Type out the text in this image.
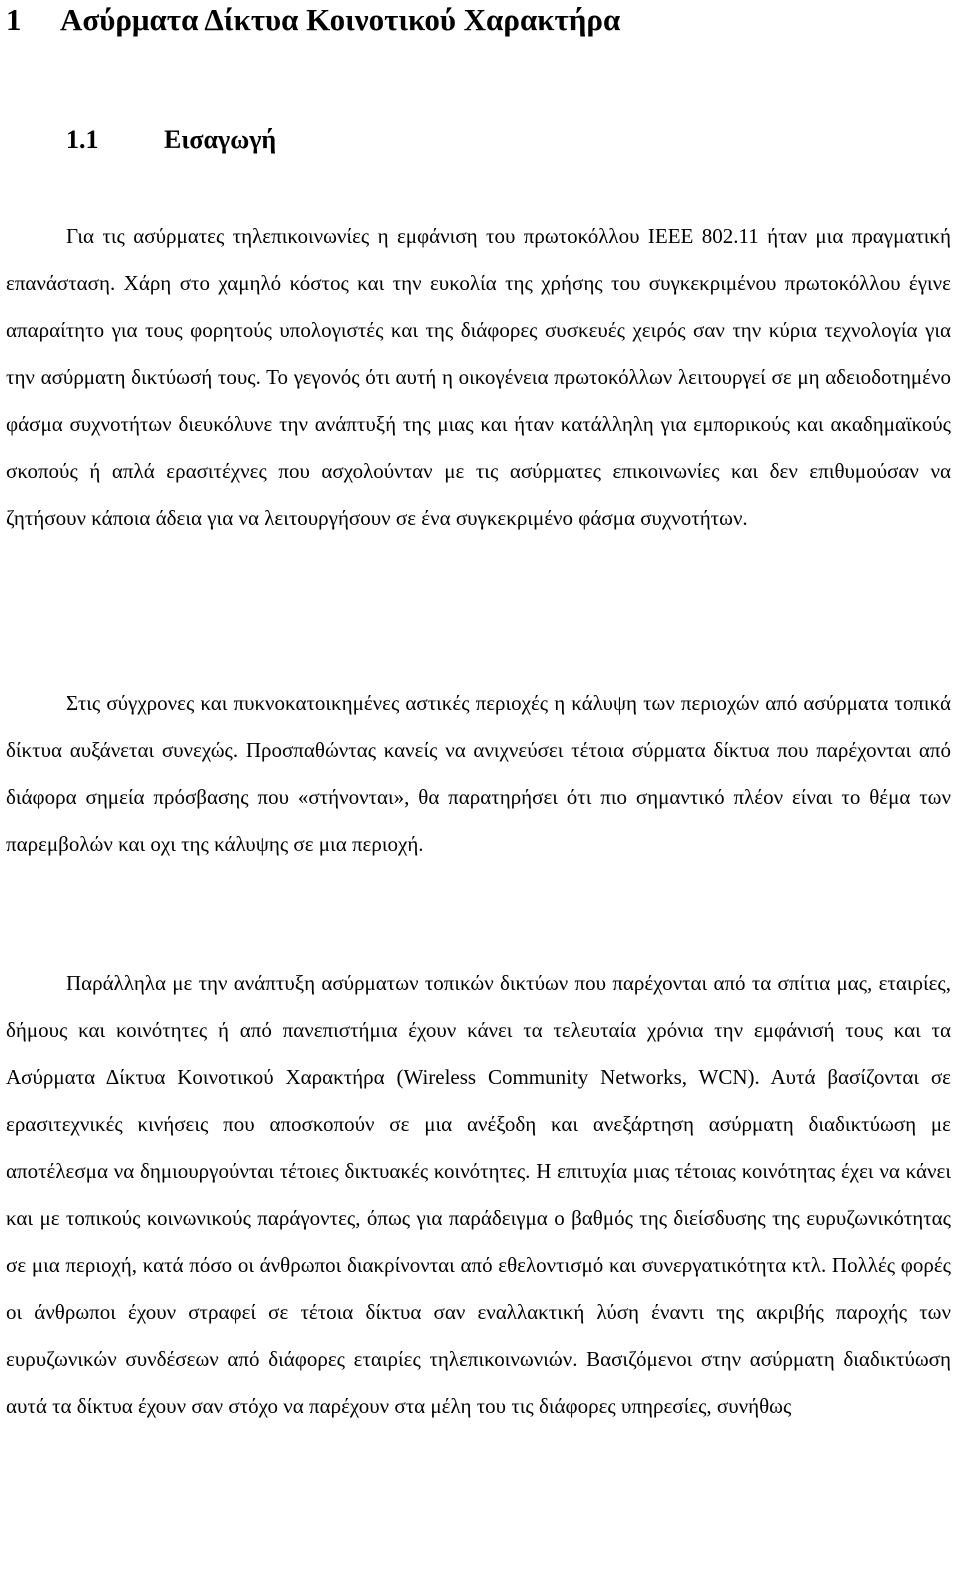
1 Ασύρματα Δίκτυα Κοινοτικού Χαρακτήρα
1.1	Εισαγωγή

Για τις ασύρματες τηλεπικοινωνίες η εμφάνιση του πρωτοκόλλου IEEE 802.11 ήταν μια πραγματική επανάσταση. Χάρη στο χαμηλό κόστος και την ευκολία της χρήσης του συγκεκριμένου πρωτοκόλλου έγινε απαραίτητο για τους φορητούς υπολογιστές και της διάφορες συσκευές χειρός σαν την κύρια τεχνολογία για την ασύρματη δικτύωσή τους. Το γεγονός ότι αυτή η οικογένεια πρωτοκόλλων λειτουργεί σε μη αδειοδοτημένο φάσμα συχνοτήτων διευκόλυνε την ανάπτυξή της μιας και ήταν κατάλληλη για εμπορικούς και ακαδημαϊκούς σκοπούς ή απλά ερασιτέχνες που ασχολούνταν με τις ασύρματες επικοινωνίες και δεν επιθυμούσαν να ζητήσουν κάποια άδεια για να λειτουργήσουν σε ένα συγκεκριμένο φάσμα συχνοτήτων.

Στις σύγχρονες και πυκνοκατοικημένες αστικές περιοχές η κάλυψη των περιοχών από ασύρματα τοπικά δίκτυα αυξάνεται συνεχώς. Προσπαθώντας κανείς να ανιχνεύσει τέτοια σύρματα δίκτυα που παρέχονται από διάφορα σημεία πρόσβασης που «στήνονται», θα παρατηρήσει ότι πιο σημαντικό πλέον είναι το θέμα των παρεμβολών και οχι της κάλυψης σε μια περιοχή.

Παράλληλα με την ανάπτυξη ασύρματων τοπικών δικτύων που παρέχονται από τα σπίτια μας, εταιρίες, δήμους και κοινότητες ή από πανεπιστήμια έχουν κάνει τα τελευταία χρόνια την εμφάνισή τους και τα Ασύρματα Δίκτυα Κοινοτικού Χαρακτήρα (Wireless Community Networks, WCN). Αυτά βασίζονται σε ερασιτεχνικές κινήσεις που αποσκοπούν σε μια ανέξοδη και ανεξάρτηση ασύρματη διαδικτύωση με αποτέλεσμα να δημιουργούνται τέτοιες δικτυακές κοινότητες. Η επιτυχία μιας τέτοιας κοινότητας έχει να κάνει και με τοπικούς κοινωνικούς παράγοντες, όπως για παράδειγμα ο βαθμός της διείσδυσης της ευρυζωνικότητας σε μια περιοχή, κατά πόσο οι άνθρωποι διακρίνονται από εθελοντισμό και συνεργατικότητα κτλ. Πολλές φορές οι άνθρωποι έχουν στραφεί σε τέτοια δίκτυα σαν εναλλακτική λύση έναντι της ακριβής παροχής των ευρυζωνικών συνδέσεων από διάφορες εταιρίες τηλεπικοινωνιών. Βασιζόμενοι στην ασύρματη διαδικτύωση αυτά τα δίκτυα έχουν σαν στόχο να παρέχουν στα μέλη του τις διάφορες υπηρεσίες, συνήθως
